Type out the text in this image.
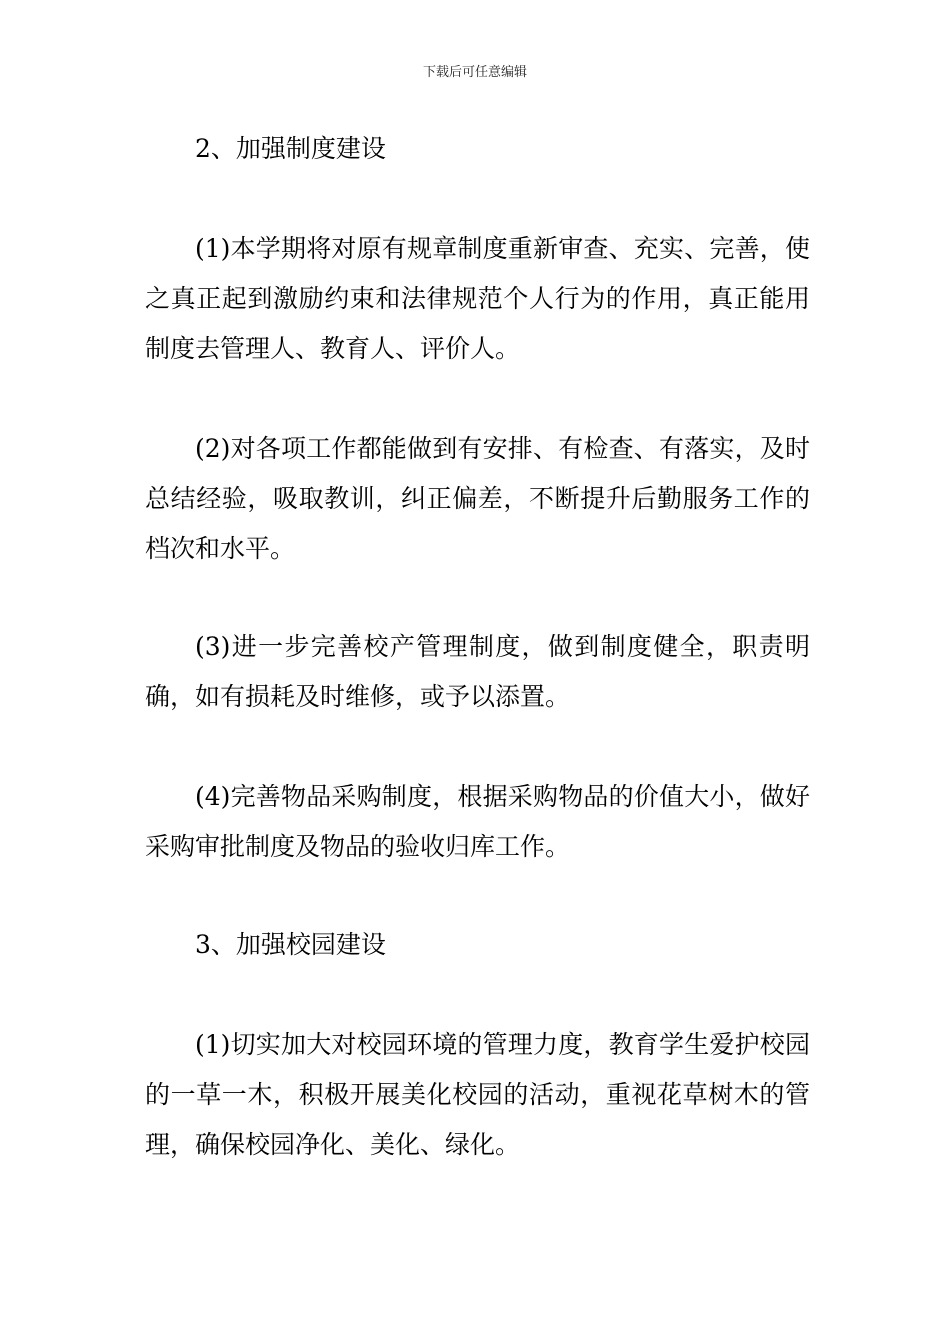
下载后可任意编辑

2、加强制度建设

(1)本学期将对原有规章制度重新审查、充实、完善，使之真正起到激励约束和法律规范个人行为的作用，真正能用制度去管理人、教育人、评价人。

(2)对各项工作都能做到有安排、有检查、有落实，及时总结经验，吸取教训，纠正偏差，不断提升后勤服务工作的档次和水平。

(3)进一步完善校产管理制度，做到制度健全，职责明确，如有损耗及时维修，或予以添置。

(4)完善物品采购制度，根据采购物品的价值大小，做好采购审批制度及物品的验收归库工作。

3、加强校园建设

(1)切实加大对校园环境的管理力度，教育学生爱护校园的一草一木，积极开展美化校园的活动，重视花草树木的管理，确保校园净化、美化、绿化。
